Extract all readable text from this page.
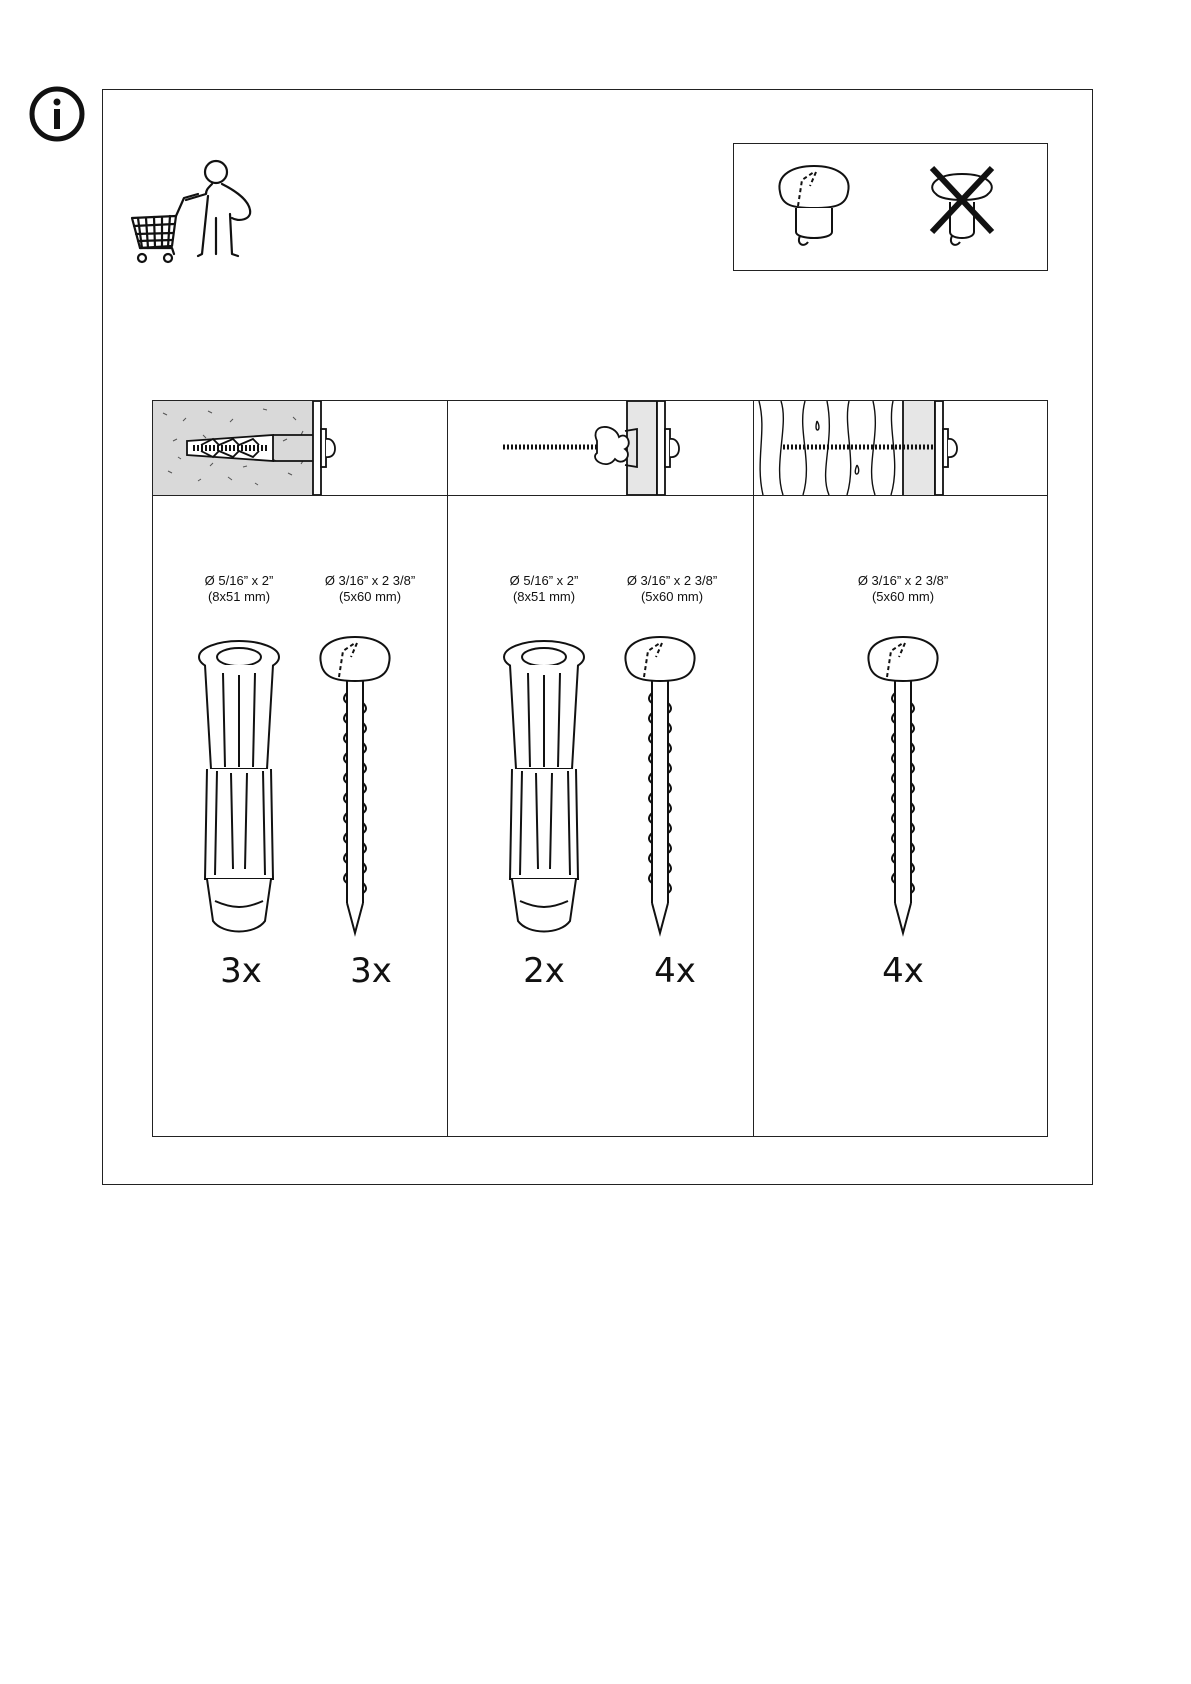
Ø 5/16” x 2”
(8x51 mm)
Ø 3/16” x 2 3/8”
(5x60 mm)
3x	3x
Ø 5/16” x 2”
(8x51 mm)
Ø 3/16” x 2 3/8”
(5x60 mm)
2x	4x
Ø 3/16” x 2 3/8”
(5x60 mm)
4x
